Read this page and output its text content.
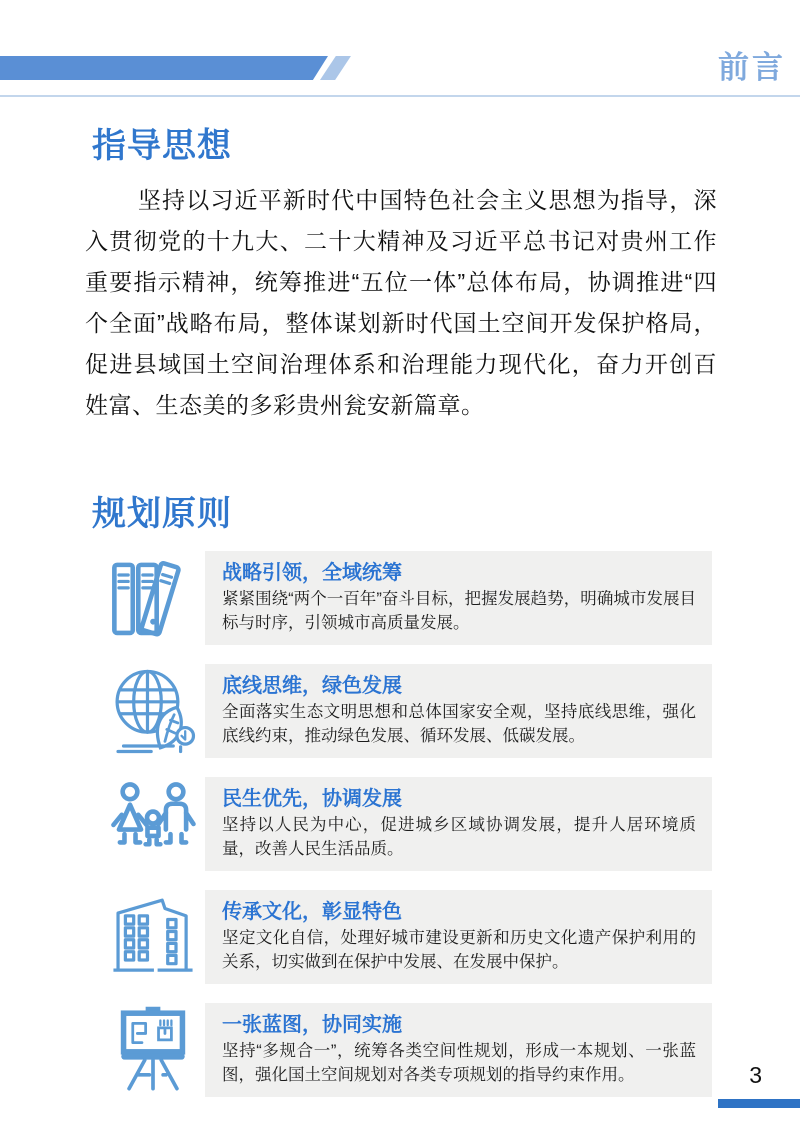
前言
指导思想
坚持以习近平新时代中国特色社会主义思想为指导，深入贯彻党的十九大、二十大精神及习近平总书记对贵州工作重要指示精神，统筹推进“五位一体”总体布局，协调推进“四个全面”战略布局，整体谋划新时代国土空间开发保护格局，促进县域国土空间治理体系和治理能力现代化，奋力开创百姓富、生态美的多彩贵州瓮安新篇章。
规划原则
战略引领，全域统筹
紧紧围绕“两个一百年”奋斗目标，把握发展趋势，明确城市发展目标与时序，引领城市高质量发展。
底线思维，绿色发展
全面落实生态文明思想和总体国家安全观，坚持底线思维，强化底线约束，推动绿色发展、循环发展、低碳发展。
民生优先，协调发展
坚持以人民为中心，促进城乡区域协调发展，提升人居环境质量，改善人民生活品质。
传承文化，彰显特色
坚定文化自信，处理好城市建设更新和历史文化遗产保护利用的关系，切实做到在保护中发展、在发展中保护。
一张蓝图，协同实施
坚持“多规合一”，统筹各类空间性规划，形成一本规划、一张蓝图，强化国土空间规划对各类专项规划的指导约束作用。	3
